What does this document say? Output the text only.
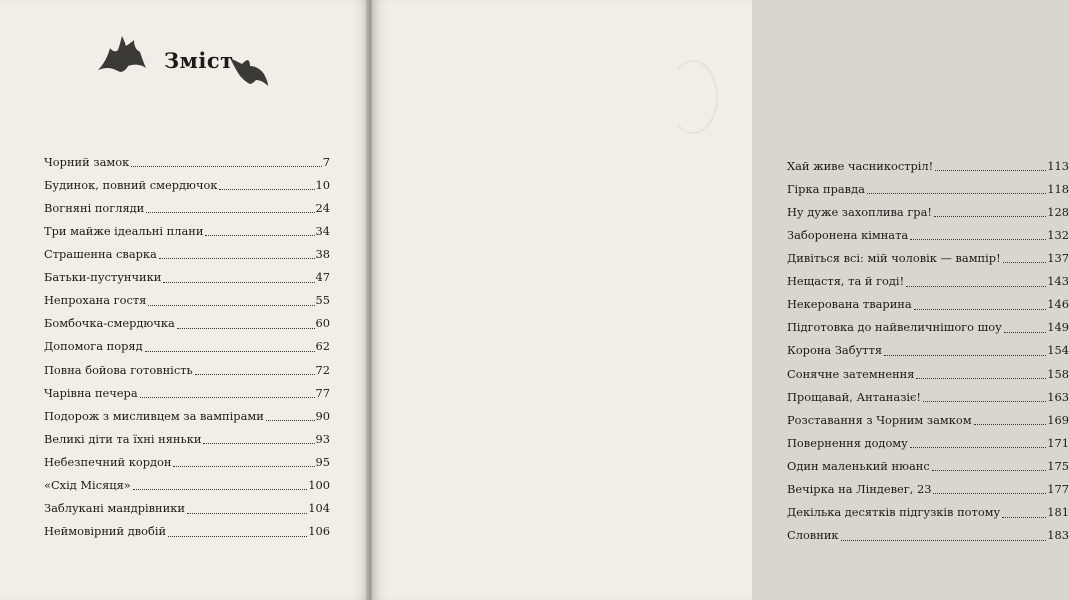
Зміст
Чорний замок	7
Будинок, повний смердючок	10
Вогняні погляди	24
Три майже ідеальні плани	34
Страшенна сварка	38
Батьки-пустунчики	47
Непрохана гостя	55
Бомбочка-смердючка	60
Допомога поряд	62
Повна бойова готовність	72
Чарівна печера	77
Подорож з мисливцем за вампірами	90
Великі діти та їхні няньки	93
Небезпечний кордон	95
«Схід Місяця»	100
Заблукані мандрівники	104
Неймовірний двобій	106
Хай живе часникостріл!	113
Гірка правда	118
Ну дуже захоплива гра!	128
Заборонена кімната	132
Дивіться всі: мій чоловік — вампір!	137
Нещастя, та й годі!	143
Некерована тварина	146
Підготовка до найвеличнішого шоу	149
Корона Забуття	154
Сонячне затемнення	158
Прощавай, Антаназіє!	163
Розставання з Чорним замком	169
Повернення додому	171
Один маленький нюанс	175
Вечірка на Ліндевег, 23	177
Декілька десятків підгузків потому	181
Словник	183
